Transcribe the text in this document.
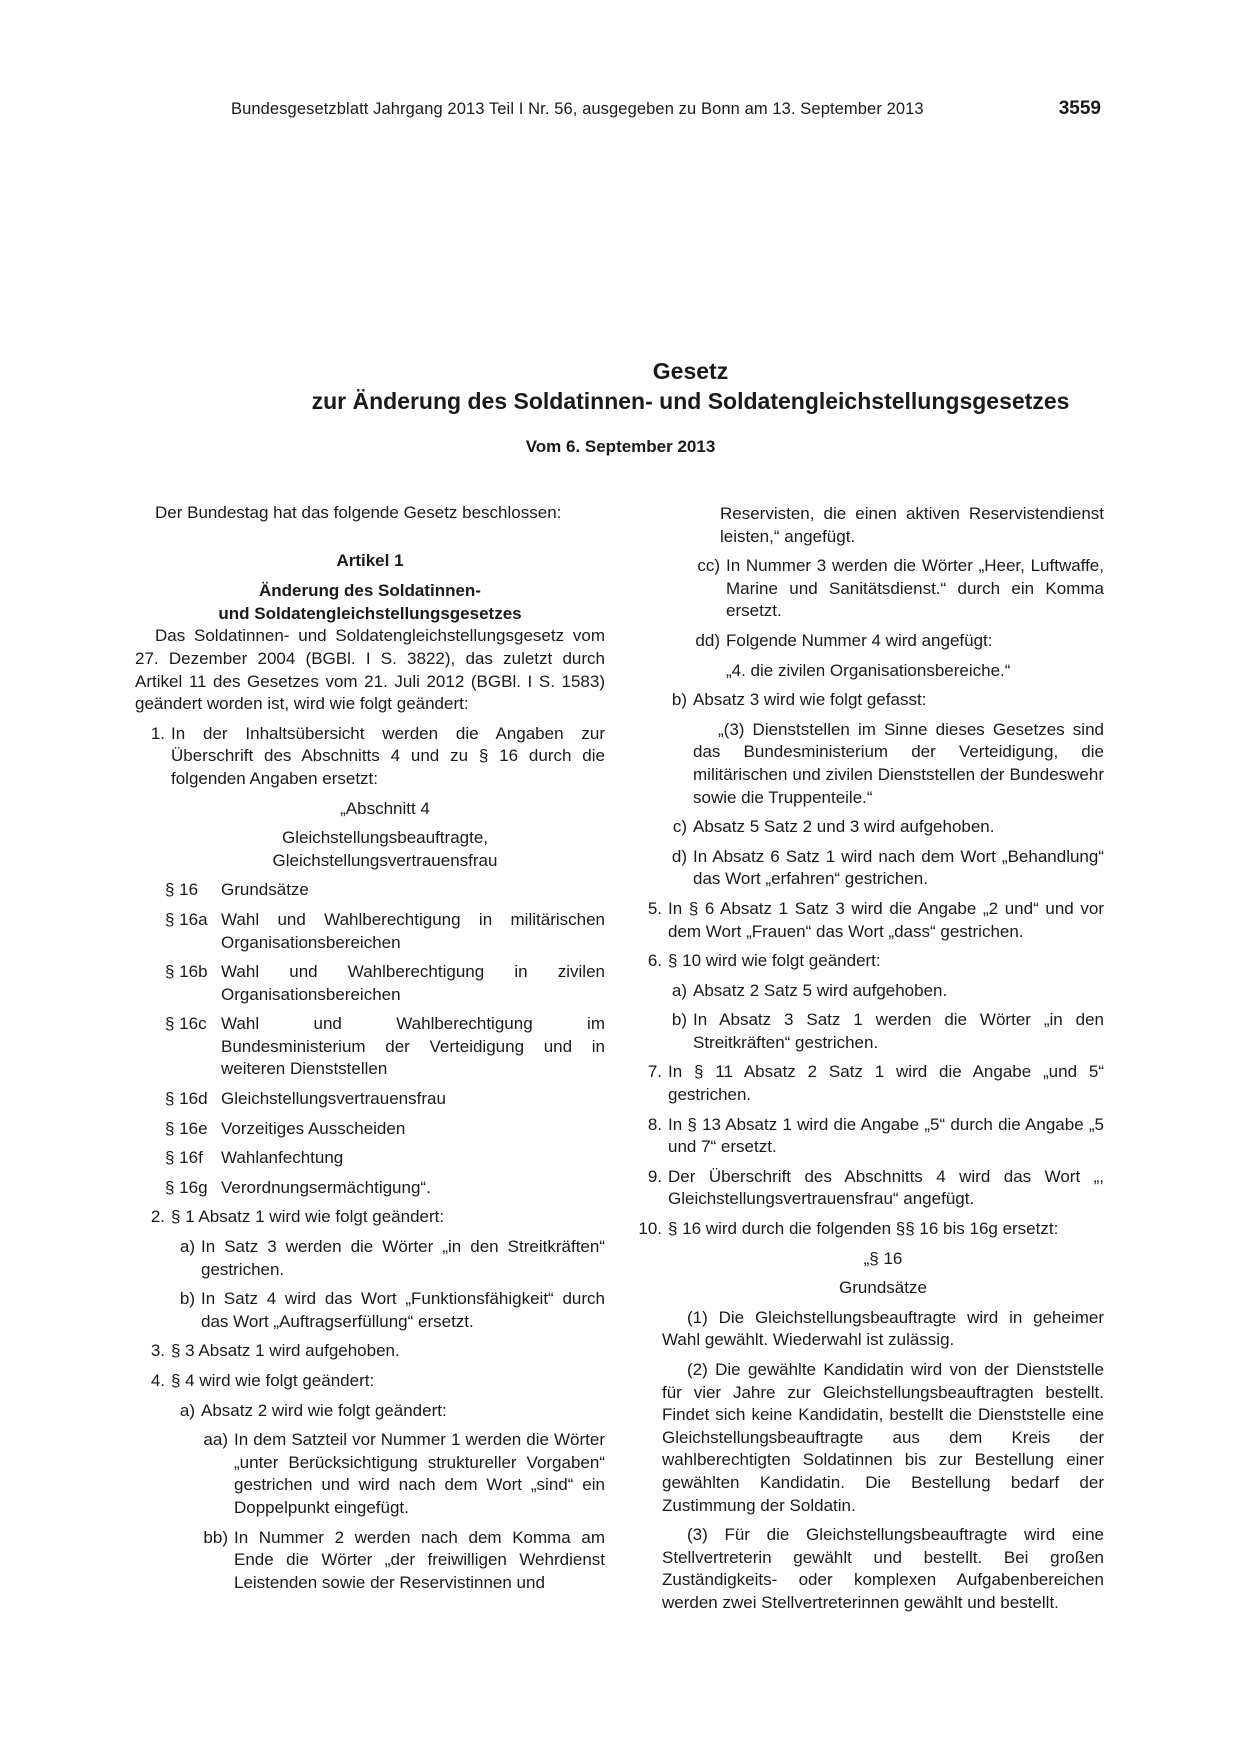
Bundesgesetzblatt Jahrgang 2013 Teil I Nr. 56, ausgegeben zu Bonn am 13. September 2013	3559
Gesetz
zur Änderung des Soldatinnen- und Soldatengleichstellungsgesetzes
Vom 6. September 2013

Der Bundestag hat das folgende Gesetz beschlossen:

Artikel 1

Änderung des Soldatinnen-

und Soldatengleichstellungsgesetzes

Das Soldatinnen- und Soldatengleichstellungsgesetz vom 27. Dezember 2004 (BGBl. I S. 3822), das zuletzt durch Artikel 11 des Gesetzes vom 21. Juli 2012 (BGBl. I S. 1583) geändert worden ist, wird wie folgt geändert:

1. In der Inhaltsübersicht werden die Angaben zur Überschrift des Abschnitts 4 und zu § 16 durch die folgenden Angaben ersetzt:

„Abschnitt 4

Gleichstellungsbeauftragte,

Gleichstellungsvertrauensfrau

§ 16	Grundsätze
§ 16a Wahl und Wahlberechtigung in militärischen Organisationsbereichen
§ 16b Wahl und Wahlberechtigung in zivilen Organisationsbereichen
§ 16c Wahl und Wahlberechtigung im Bundesministerium der Verteidigung und in weiteren Dienststellen
§ 16d Gleichstellungsvertrauensfrau
§ 16e Vorzeitiges Ausscheiden
§ 16f	Wahlanfechtung
§ 16g Verordnungsermächtigung“.
2. § 1 Absatz 1 wird wie folgt geändert:
a) In Satz 3 werden die Wörter „in den Streitkräften“ gestrichen.
b) In Satz 4 wird das Wort „Funktionsfähigkeit“ durch das Wort „Auftragserfüllung“ ersetzt.
3. § 3 Absatz 1 wird aufgehoben.
4. § 4 wird wie folgt geändert:
a) Absatz 2 wird wie folgt geändert:
aa) In dem Satzteil vor Nummer 1 werden die Wörter „unter Berücksichtigung struktureller Vorgaben“ gestrichen und wird nach dem Wort „sind“ ein Doppelpunkt eingefügt.
bb) In Nummer 2 werden nach dem Komma am Ende die Wörter „der freiwilligen Wehrdienst Leistenden sowie der Reservistinnen und

Reservisten, die einen aktiven Reservistendienst leisten,“ angefügt.

cc) In Nummer 3 werden die Wörter „Heer, Luftwaffe, Marine und Sanitätsdienst.“ durch ein Komma ersetzt.
dd) Folgende Nummer 4 wird angefügt:

„4. die zivilen Organisationsbereiche.“

b) Absatz 3 wird wie folgt gefasst:

„(3) Dienststellen im Sinne dieses Gesetzes sind das Bundesministerium der Verteidigung, die militärischen und zivilen Dienststellen der Bundeswehr sowie die Truppenteile.“

c) Absatz 5 Satz 2 und 3 wird aufgehoben.
d) In Absatz 6 Satz 1 wird nach dem Wort „Behandlung“ das Wort „erfahren“ gestrichen.
5. In § 6 Absatz 1 Satz 3 wird die Angabe „2 und“ und vor dem Wort „Frauen“ das Wort „dass“ gestrichen.
6. § 10 wird wie folgt geändert:
a) Absatz 2 Satz 5 wird aufgehoben.
b) In Absatz 3 Satz 1 werden die Wörter „in den Streitkräften“ gestrichen.
7. In § 11 Absatz 2 Satz 1 wird die Angabe „und 5“ gestrichen.
8. In § 13 Absatz 1 wird die Angabe „5“ durch die Angabe „5 und 7“ ersetzt.
9. Der Überschrift des Abschnitts 4 wird das Wort „, Gleichstellungsvertrauensfrau“ angefügt.
10. § 16 wird durch die folgenden §§ 16 bis 16g ersetzt:

„§ 16

Grundsätze

(1) Die Gleichstellungsbeauftragte wird in geheimer Wahl gewählt. Wiederwahl ist zulässig.

(2) Die gewählte Kandidatin wird von der Dienststelle für vier Jahre zur Gleichstellungsbeauftragten bestellt. Findet sich keine Kandidatin, bestellt die Dienststelle eine Gleichstellungsbeauftragte aus dem Kreis der wahlberechtigten Soldatinnen bis zur Bestellung einer gewählten Kandidatin. Die Bestellung bedarf der Zustimmung der Soldatin.

(3) Für die Gleichstellungsbeauftragte wird eine Stellvertreterin gewählt und bestellt. Bei großen Zuständigkeits- oder komplexen Aufgabenbereichen werden zwei Stellvertreterinnen gewählt und bestellt.
